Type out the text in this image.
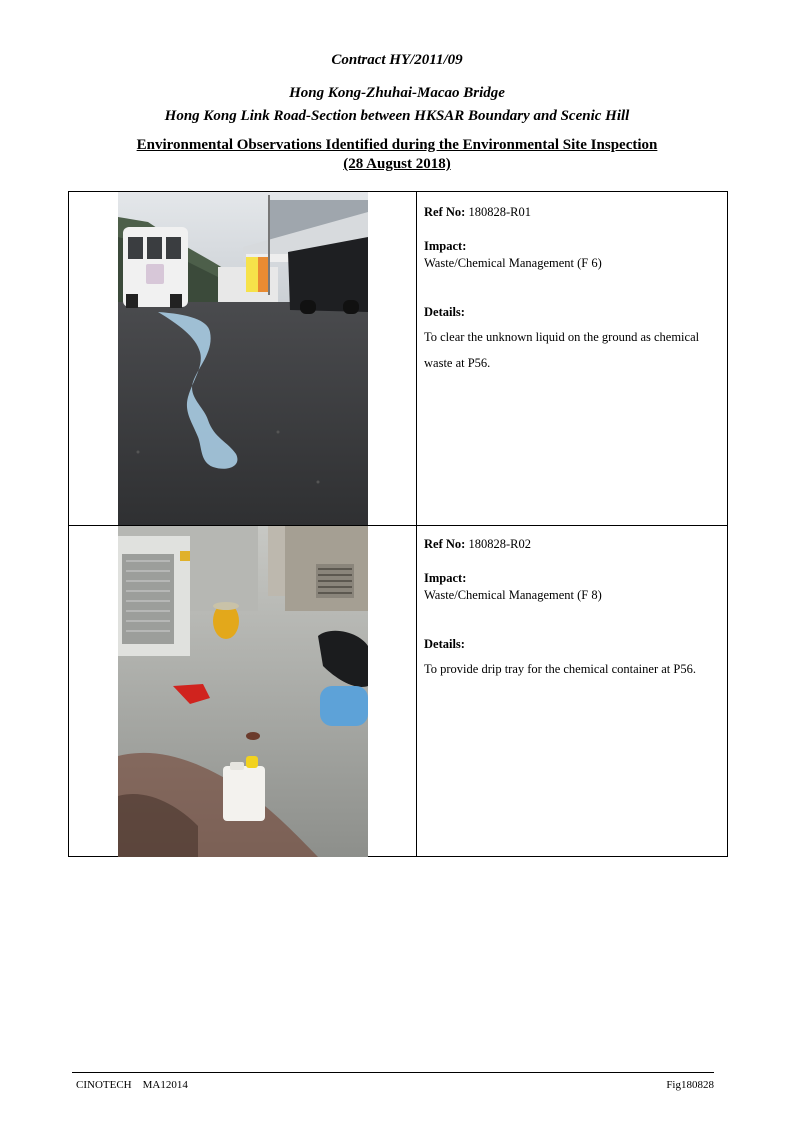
Contract HY/2011/09
Hong Kong-Zhuhai-Macao Bridge
Hong Kong Link Road-Section between HKSAR Boundary and Scenic Hill
Environmental Observations Identified during the Environmental Site Inspection
(28 August 2018)
Ref No: 180828-R01
Impact:
Waste/Chemical Management (F 6)
Details:
To clear the unknown liquid on the ground as chemical waste at P56.
Ref No: 180828-R02
Impact:
Waste/Chemical Management (F 8)
Details:
To provide drip tray for the chemical container at P56.
CINOTECH MA12014	Fig180828
